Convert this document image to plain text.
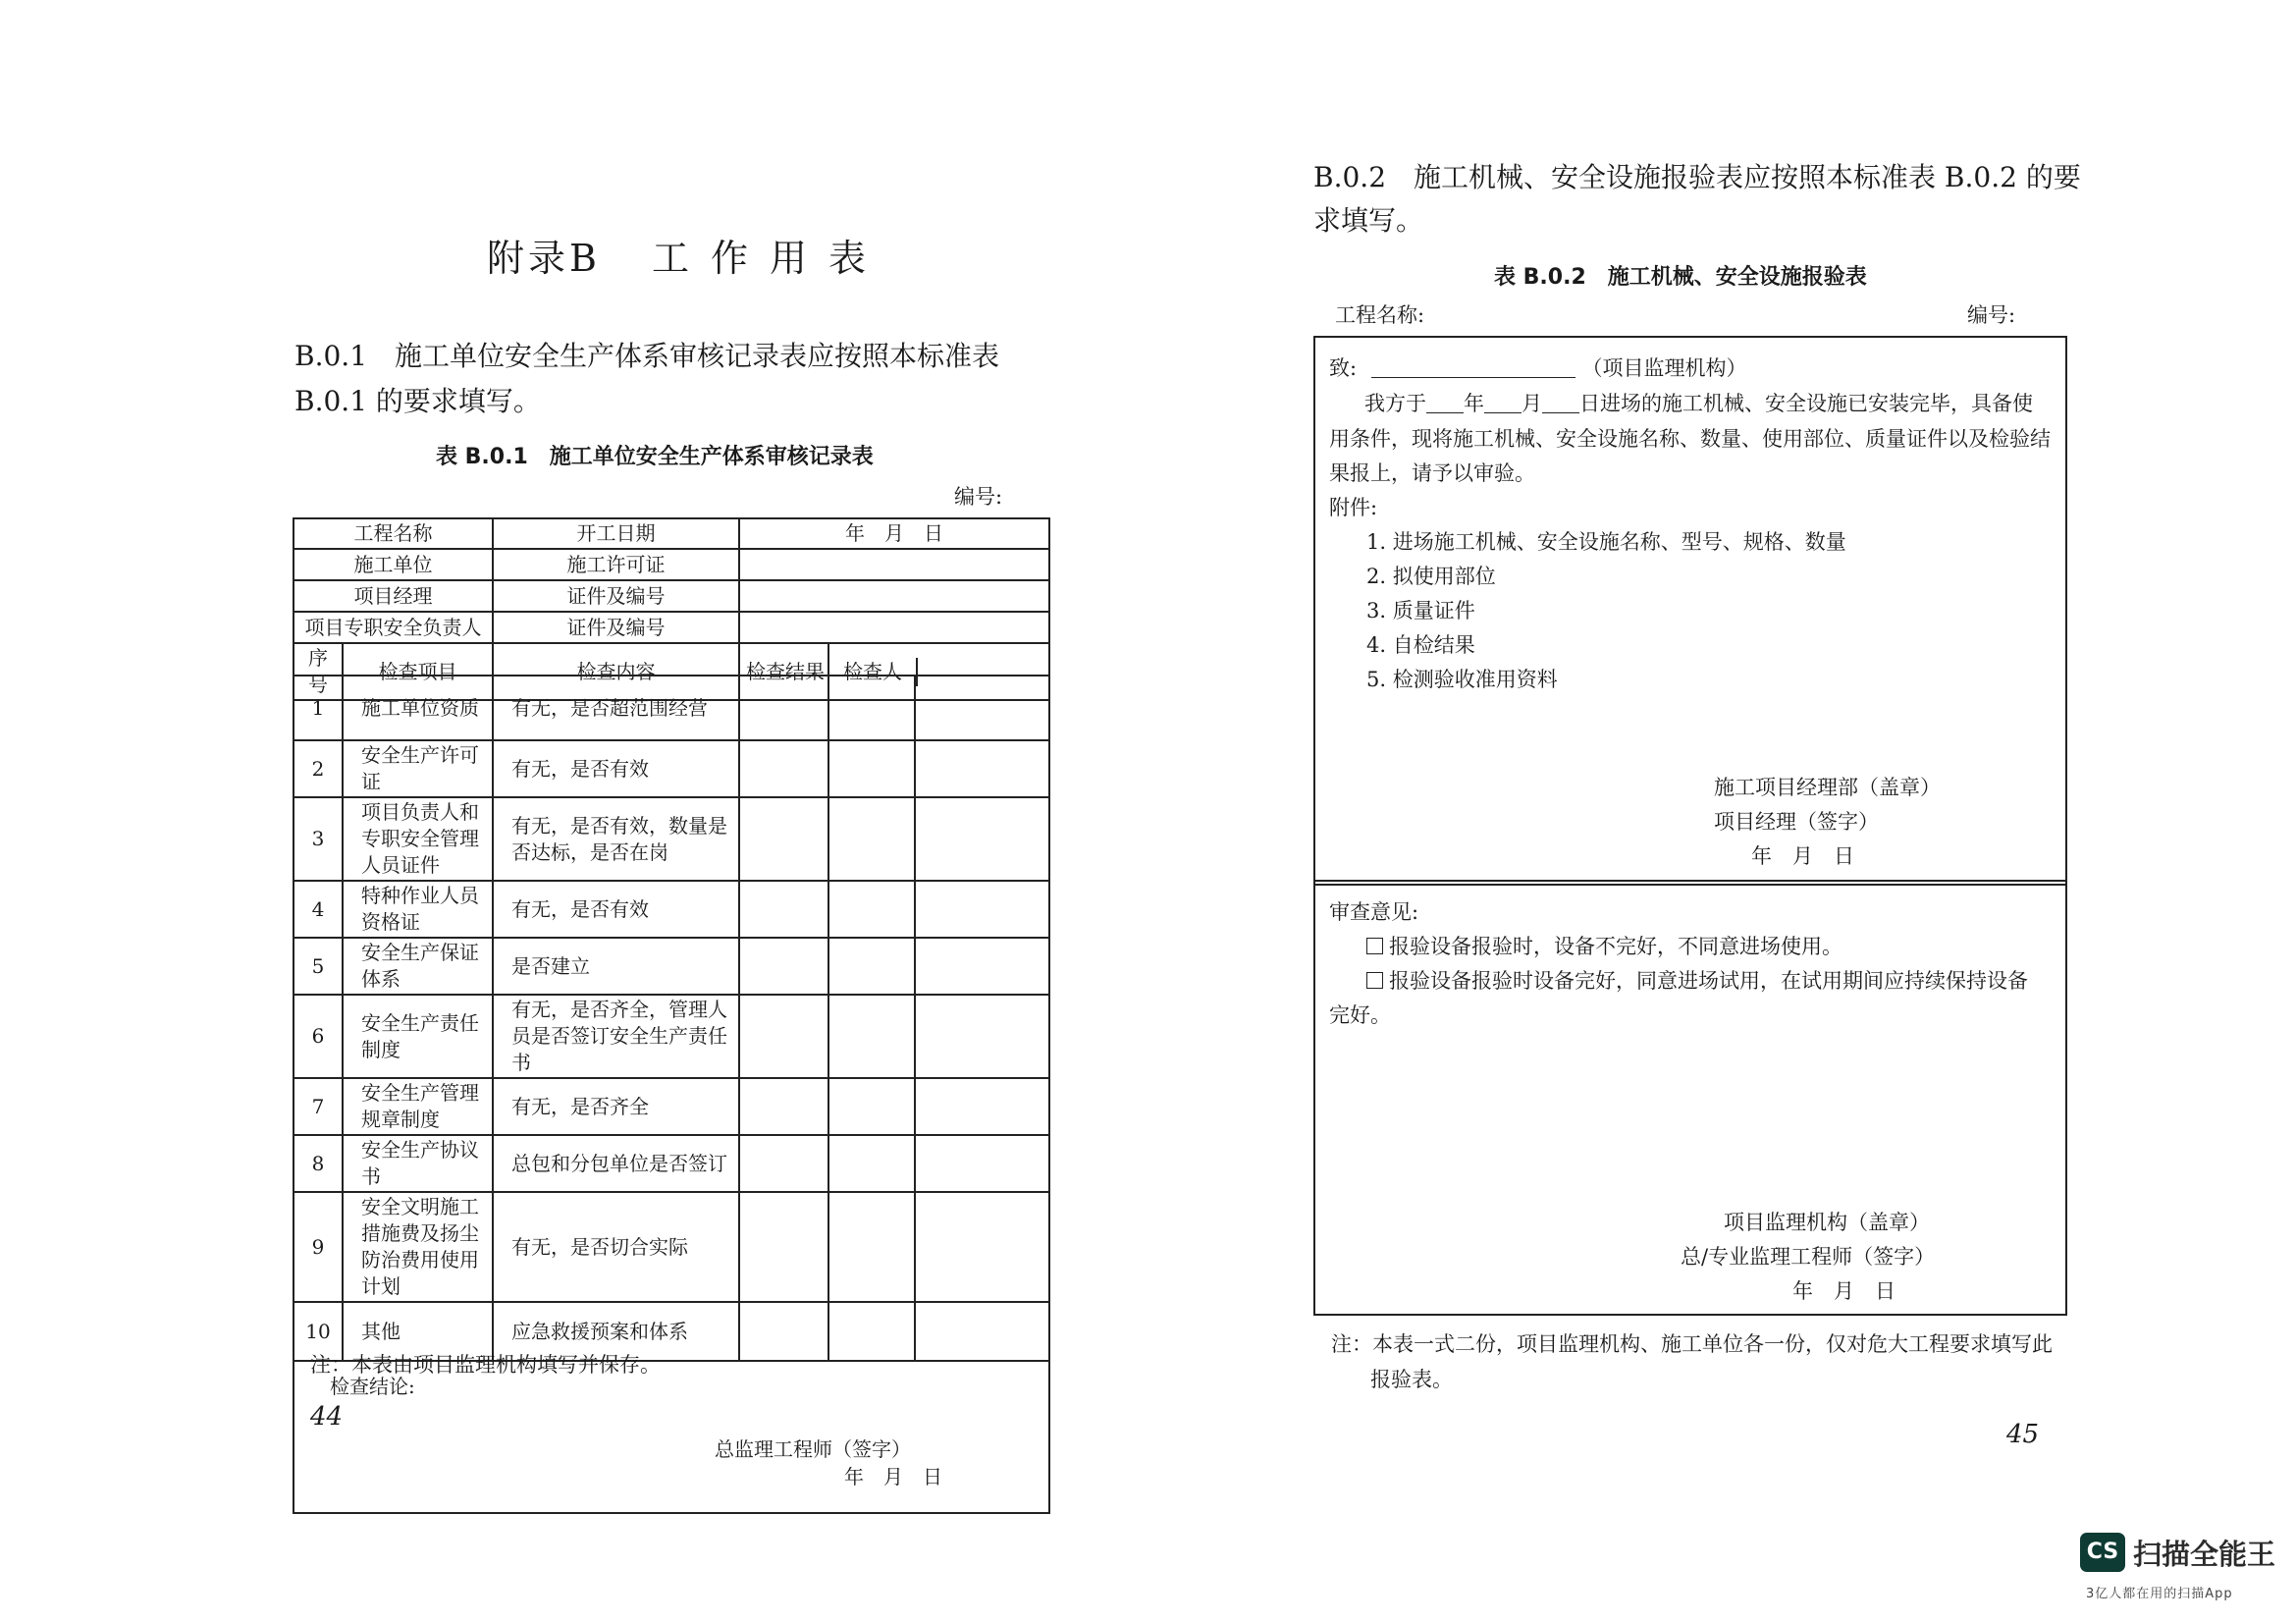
附录B 工作用表
B.0.1　施工单位安全生产体系审核记录表应按照本标准表
B.0.1 的要求填写。
表 B.0.1　施工单位安全生产体系审核记录表
编号:
工程名称		开工日期	年　月　日	
施工单位		施工许可证		
项目经理		证件及编号		
项目专职安全负责人		证件及编号		
序号	检查项目	检查内容	检查结果	检查人
1	施工单位资质	有无，是否超范围经营			
2	安全生产许可证	有无，是否有效			
3	项目负责人和专职安全管理人员证件	有无，是否有效，数量是否达标，是否在岗			
4	特种作业人员资格证	有无，是否有效			
5	安全生产保证体系	是否建立			
6	安全生产责任制度	有无，是否齐全，管理人员是否签订安全生产责任书			
7	安全生产管理规章制度	有无，是否齐全			
8	安全生产协议书	总包和分包单位是否签订			
9	安全文明施工措施费及扬尘防治费用使用计划	有无，是否切合实际			
10	其他	应急救援预案和体系			

检查结论:
总监理工程师（签字）
年　月　日					
注：本表由项目监理机构填写并保存。
44
B.0.2　施工机械、安全设施报验表应按照本标准表 B.0.2 的要
求填写。
表 B.0.2　施工机械、安全设施报验表
工程名称:	编号:
致:	（项目监理机构）
我方于 年 月 日进场的施工机械、安全设施已安装完毕，具备使
用条件，现将施工机械、安全设施名称、数量、使用部位、质量证件以及检验结
果报上，请予以审验。
附件:
1. 进场施工机械、安全设施名称、型号、规格、数量
2. 拟使用部位
3. 质量证件
4. 自检结果
5. 检测验收准用资料
施工项目经理部（盖章）
项目经理（签字）
年　月　日
审查意见:
报验设备报验时，设备不完好，不同意进场使用。
报验设备报验时设备完好，同意进场试用，在试用期间应持续保持设备
完好。
项目监理机构（盖章）
总/专业监理工程师（签字）
年　月　日
注：本表一式二份，项目监理机构、施工单位各一份，仅对危大工程要求填写此
报验表。
45
CS 扫描全能王
3亿人都在用的扫描App
